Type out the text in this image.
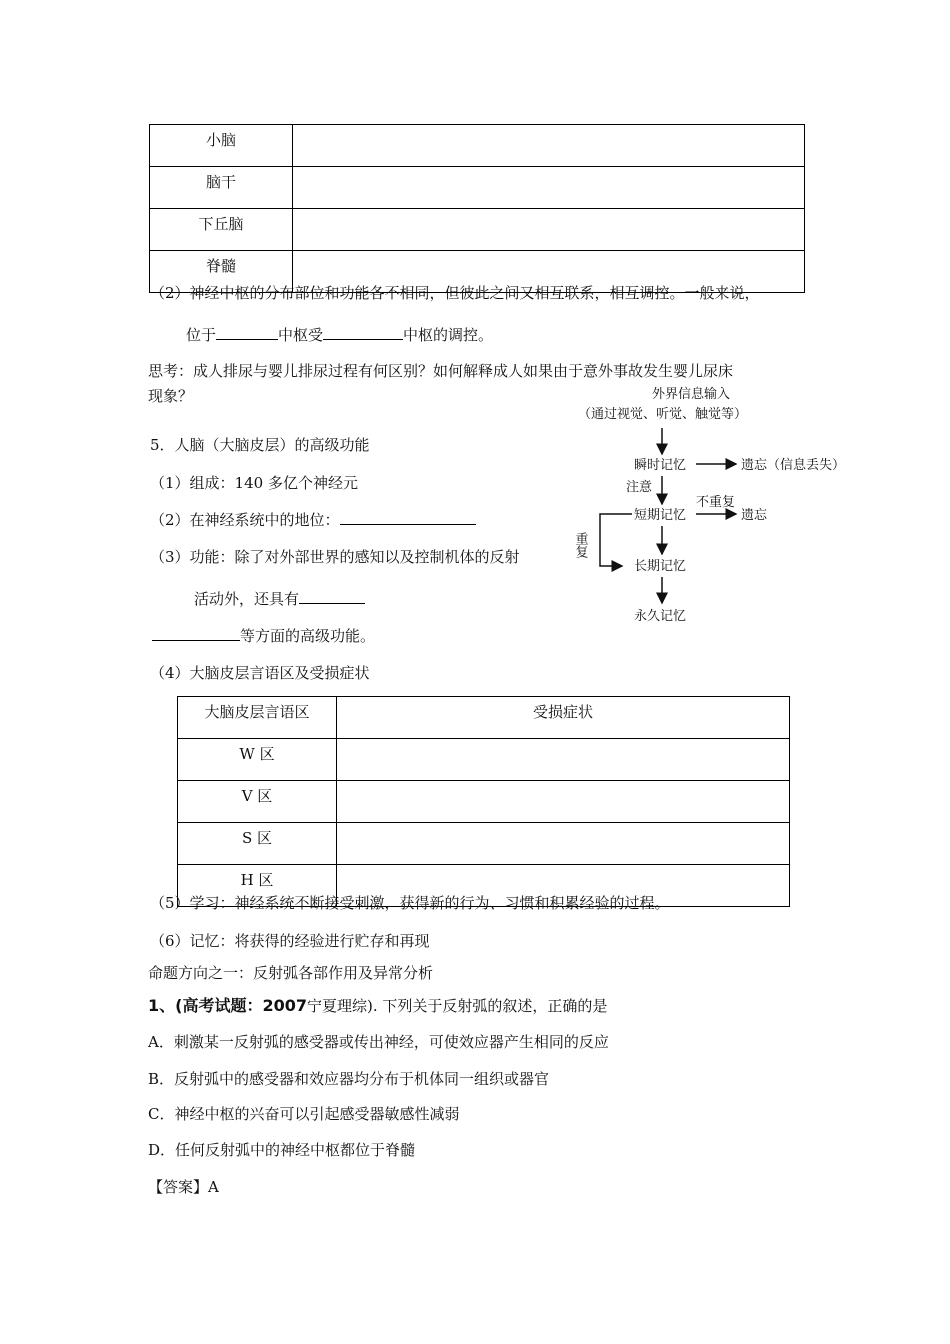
小脑	
脑干	
下丘脑	
脊髓	
（2）神经中枢的分布部位和功能各不相同，但彼此之间又相互联系，相互调控。一般来说，
位于	中枢受	中枢的调控。
思考：成人排尿与婴儿排尿过程有何区别？如何解释成人如果由于意外事故发生婴儿尿床
现象？
5．人脑（大脑皮层）的高级功能
（1）组成：140 多亿个神经元
（2）在神经系统中的地位：
（3）功能：除了对外部世界的感知以及控制机体的反射
活动外，还具有
等方面的高级功能。
（4）大脑皮层言语区及受损症状
外界信息输入
（通过视觉、听觉、触觉等）
瞬时记忆	遗忘（信息丢失）
注意
短期记忆
不重复
遗忘
重复
长期记忆
永久记忆
大脑皮层言语区	受损症状
W 区	
V 区	
S 区	
H 区	
（5）学习：神经系统不断接受刺激，获得新的行为、习惯和积累经验的过程。
（6）记忆：将获得的经验进行贮存和再现
命题方向之一：反射弧各部作用及异常分析
1、(高考试题：2007宁夏理综). 下列关于反射弧的叙述，正确的是
A．刺激某一反射弧的感受器或传出神经，可使效应器产生相同的反应
B．反射弧中的感受器和效应器均分布于机体同一组织或器官
C．神经中枢的兴奋可以引起感受器敏感性减弱
D．任何反射弧中的神经中枢都位于脊髓
【答案】A
